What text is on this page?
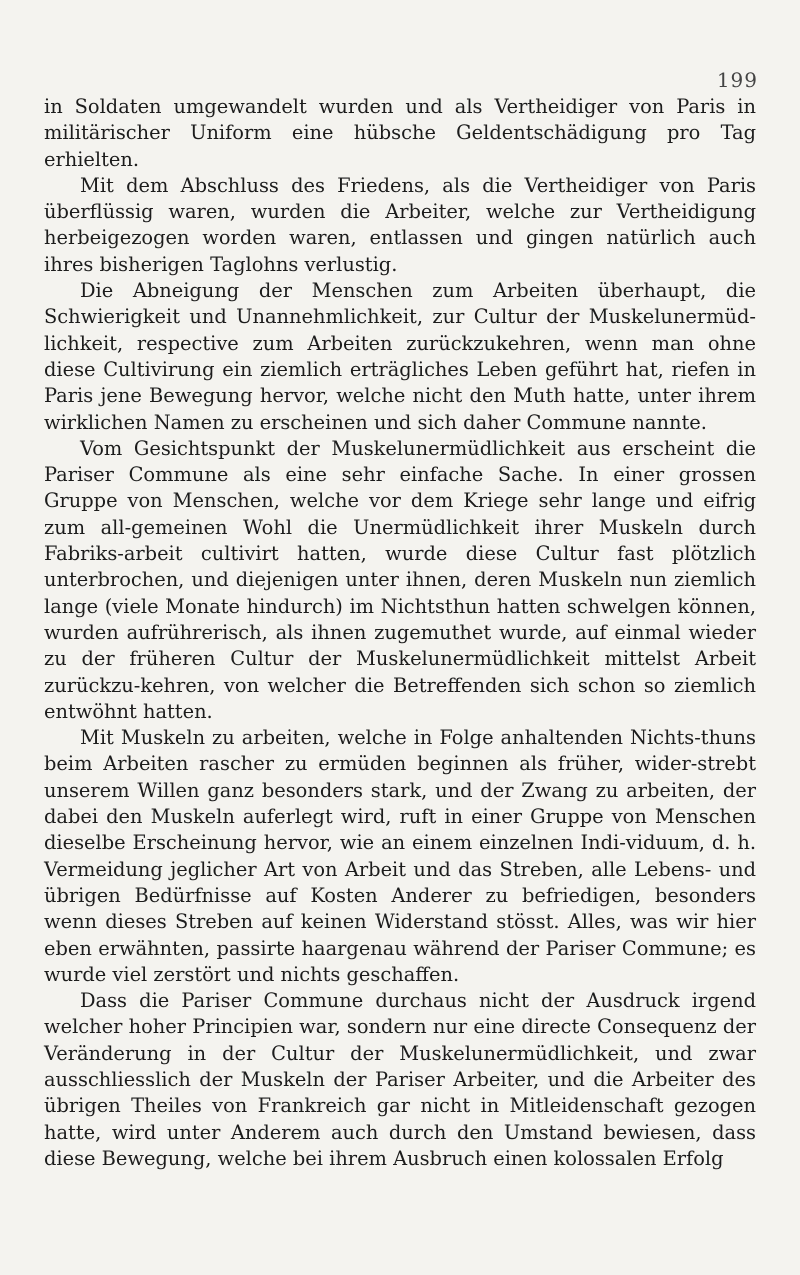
199

in Soldaten umgewandelt wurden und als Vertheidiger von Paris in militärischer Uniform eine hübsche Geldentschädigung pro Tag erhielten.

Mit dem Abschluss des Friedens, als die Vertheidiger von Paris überflüssig waren, wurden die Arbeiter, welche zur Vertheidigung herbeigezogen worden waren, entlassen und gingen natürlich auch ihres bisherigen Taglohns verlustig.

Die Abneigung der Menschen zum Arbeiten überhaupt, die Schwierigkeit und Unannehmlichkeit, zur Cultur der Muskelunermüd-lichkeit, respective zum Arbeiten zurückzukehren, wenn man ohne diese Cultivirung ein ziemlich erträgliches Leben geführt hat, riefen in Paris jene Bewegung hervor, welche nicht den Muth hatte, unter ihrem wirklichen Namen zu erscheinen und sich daher Commune nannte.

Vom Gesichtspunkt der Muskelunermüdlichkeit aus erscheint die Pariser Commune als eine sehr einfache Sache. In einer grossen Gruppe von Menschen, welche vor dem Kriege sehr lange und eifrig zum all-gemeinen Wohl die Unermüdlichkeit ihrer Muskeln durch Fabriks-arbeit cultivirt hatten, wurde diese Cultur fast plötzlich unterbrochen, und diejenigen unter ihnen, deren Muskeln nun ziemlich lange (viele Monate hindurch) im Nichtsthun hatten schwelgen können, wurden aufrührerisch, als ihnen zugemuthet wurde, auf einmal wieder zu der früheren Cultur der Muskelunermüdlichkeit mittelst Arbeit zurückzu-kehren, von welcher die Betreffenden sich schon so ziemlich entwöhnt hatten.

Mit Muskeln zu arbeiten, welche in Folge anhaltenden Nichts-thuns beim Arbeiten rascher zu ermüden beginnen als früher, wider-strebt unserem Willen ganz besonders stark, und der Zwang zu arbeiten, der dabei den Muskeln auferlegt wird, ruft in einer Gruppe von Menschen dieselbe Erscheinung hervor, wie an einem einzelnen Indi-viduum, d. h. Vermeidung jeglicher Art von Arbeit und das Streben, alle Lebens- und übrigen Bedürfnisse auf Kosten Anderer zu befriedigen, besonders wenn dieses Streben auf keinen Widerstand stösst. Alles, was wir hier eben erwähnten, passirte haargenau während der Pariser Commune; es wurde viel zerstört und nichts geschaffen.

Dass die Pariser Commune durchaus nicht der Ausdruck irgend welcher hoher Principien war, sondern nur eine directe Consequenz der Veränderung in der Cultur der Muskelunermüdlichkeit, und zwar ausschliesslich der Muskeln der Pariser Arbeiter, und die Arbeiter des übrigen Theiles von Frankreich gar nicht in Mitleidenschaft gezogen hatte, wird unter Anderem auch durch den Umstand bewiesen, dass diese Bewegung, welche bei ihrem Ausbruch einen kolossalen Erfolg
